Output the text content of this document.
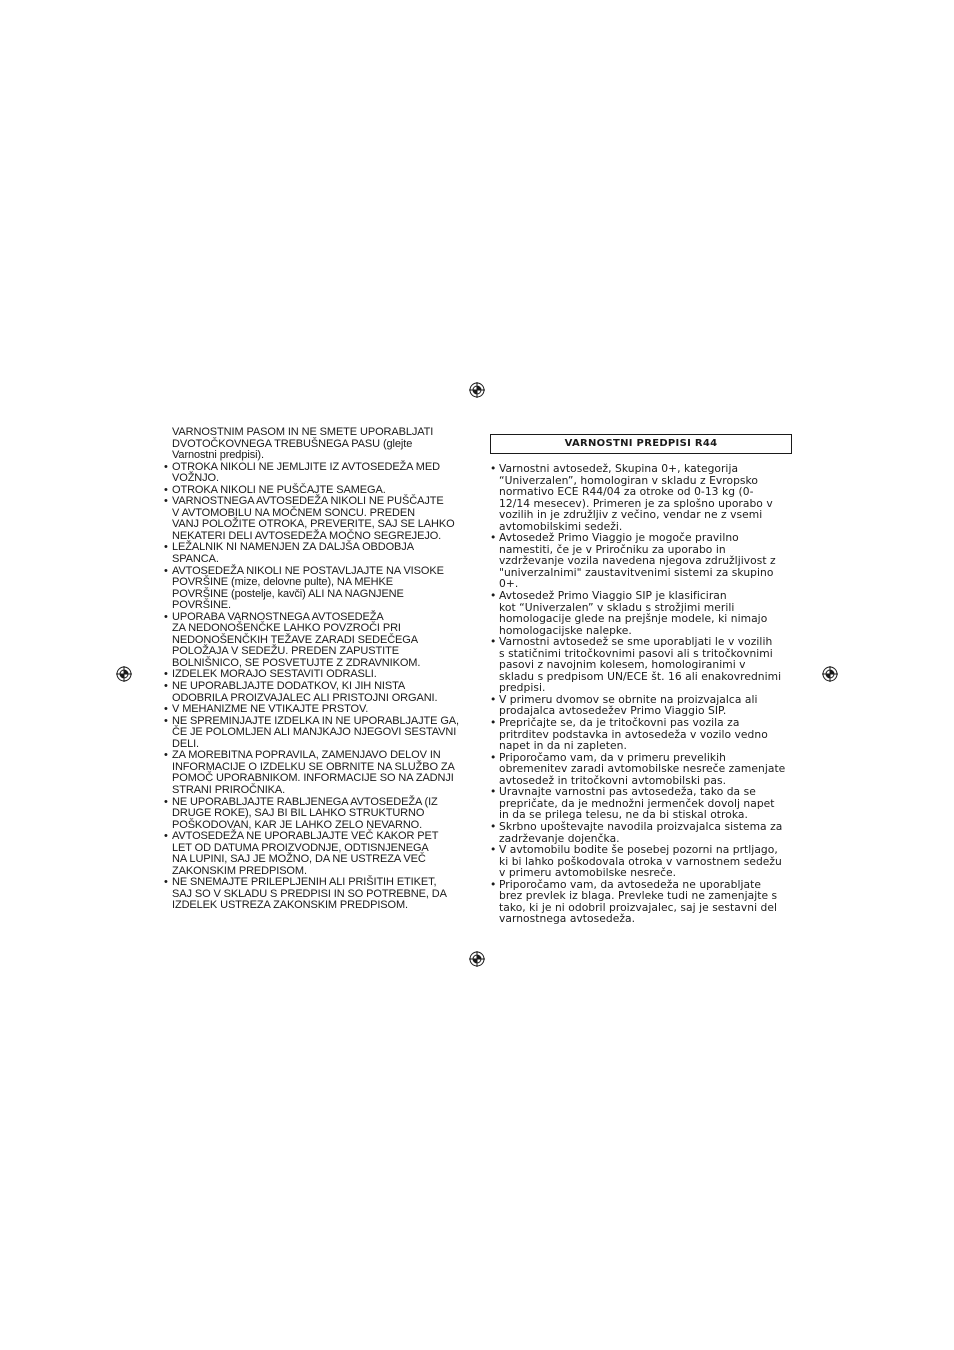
VARNOSTNIM PASOM IN NE SMETE UPORABLJATI
DVOTOČKOVNEGA TREBUŠNEGA PASU (glejte
Varnostni predpisi).
• OTROKA NIKOLI NE JEMLJITE IZ AVTOSEDEŽA MED
VOŽNJO.
• OTROKA NIKOLI NE PUŠČAJTE SAMEGA.
• VARNOSTNEGA AVTOSEDEŽA NIKOLI NE PUŠČAJTE
V AVTOMOBILU NA MOČNEM SONCU. PREDEN
VANJ POLOŽITE OTROKA, PREVERITE, SAJ SE LAHKO
NEKATERI DELI AVTOSEDEŽA MOČNO SEGREJEJO.
• LEŽALNIK NI NAMENJEN ZA DALJŠA OBDOBJA
SPANCA.
• AVTOSEDEŽA NIKOLI NE POSTAVLJAJTE NA VISOKE
POVRŠINE (mize, delovne pulte), NA MEHKE
POVRŠINE (postelje, kavči) ALI NA NAGNJENE
POVRŠINE.
• UPORABA VARNOSTNEGA AVTOSEDEŽA
ZA NEDONOŠENČKE LAHKO POVZROČI PRI
NEDONOŠENČKIH TEŽAVE ZARADI SEDEČEGA
POLOŽAJA V SEDEŽU. PREDEN ZAPUSTITE
BOLNIŠNICO, SE POSVETUJTE Z ZDRAVNIKOM.
• IZDELEK MORAJO SESTAVITI ODRASLI.
• NE UPORABLJAJTE DODATKOV, KI JIH NISTA
ODOBRILA PROIZVAJALEC ALI PRISTOJNI ORGANI.
• V MEHANIZME NE VTIKAJTE PRSTOV.
• NE SPREMINJAJTE IZDELKA IN NE UPORABLJAJTE GA,
ČE JE POLOMLJEN ALI MANJKAJO NJEGOVI SESTAVNI
DELI.
• ZA MOREBITNA POPRAVILA, ZAMENJAVO DELOV IN
INFORMACIJE O IZDELKU SE OBRNITE NA SLUŽBO ZA
POMOČ UPORABNIKOM. INFORMACIJE SO NA ZADNJI
STRANI PRIROČNIKA.
• NE UPORABLJAJTE RABLJENEGA AVTOSEDEŽA (IZ
DRUGE ROKE), SAJ BI BIL LAHKO STRUKTURNO
POŠKODOVAN, KAR JE LAHKO ZELO NEVARNO.
• AVTOSEDEŽA NE UPORABLJAJTE VEČ KAKOR PET
LET OD DATUMA PROIZVODNJE, ODTISNJENEGA
NA LUPINI, SAJ JE MOŽNO, DA NE USTREZA VEČ
ZAKONSKIM PREDPISOM.
• NE SNEMAJTE PRILEPLJENIH ALI PRIŠITIH ETIKET,
SAJ SO V SKLADU S PREDPISI IN SO POTREBNE, DA
IZDELEK USTREZA ZAKONSKIM PREDPISOM.
VARNOSTNI PREDPISI R44
• Varnostni avtosedež, Skupina 0+, kategorija
“Univerzalen”, homologiran v skladu z Evropsko
normativo ECE R44/04 za otroke od 0-13 kg (0-
12/14 mesecev). Primeren je za splošno uporabo v
vozilih in je združljiv z večino, vendar ne z vsemi
avtomobilskimi sedeži.
• Avtosedež Primo Viaggio je mogoče pravilno
namestiti, če je v Priročniku za uporabo in
vzdrževanje vozila navedena njegova združljivost z
"univerzalnimi" zaustavitvenimi sistemi za skupino
0+.
• Avtosedež Primo Viaggio SIP je klasificiran
kot “Univerzalen” v skladu s strožjimi merili
homologacije glede na prejšnje modele, ki nimajo
homologacijske nalepke.
• Varnostni avtosedež se sme uporabljati le v vozilih
s statičnimi tritočkovnimi pasovi ali s tritočkovnimi
pasovi z navojnim kolesem, homologiranimi v
skladu s predpisom UN/ECE št. 16 ali enakovrednimi
predpisi.
• V primeru dvomov se obrnite na proizvajalca ali
prodajalca avtosedežev Primo Viaggio SIP.
• Prepričajte se, da je tritočkovni pas vozila za
pritrditev podstavka in avtosedeža v vozilo vedno
napet in da ni zapleten.
• Priporočamo vam, da v primeru prevelikih
obremenitev zaradi avtomobilske nesreče zamenjate
avtosedež in tritočkovni avtomobilski pas.
• Uravnajte varnostni pas avtosedeža, tako da se
prepričate, da je mednožni jermenček dovolj napet
in da se prilega telesu, ne da bi stiskal otroka.
• Skrbno upoštevajte navodila proizvajalca sistema za
zadrževanje dojenčka.
• V avtomobilu bodite še posebej pozorni na prtljago,
ki bi lahko poškodovala otroka v varnostnem sedežu
v primeru avtomobilske nesreče.
• Priporočamo vam, da avtosedeža ne uporabljate
brez prevlek iz blaga. Prevleke tudi ne zamenjajte s
tako, ki je ni odobril proizvajalec, saj je sestavni del
varnostnega avtosedeža.
